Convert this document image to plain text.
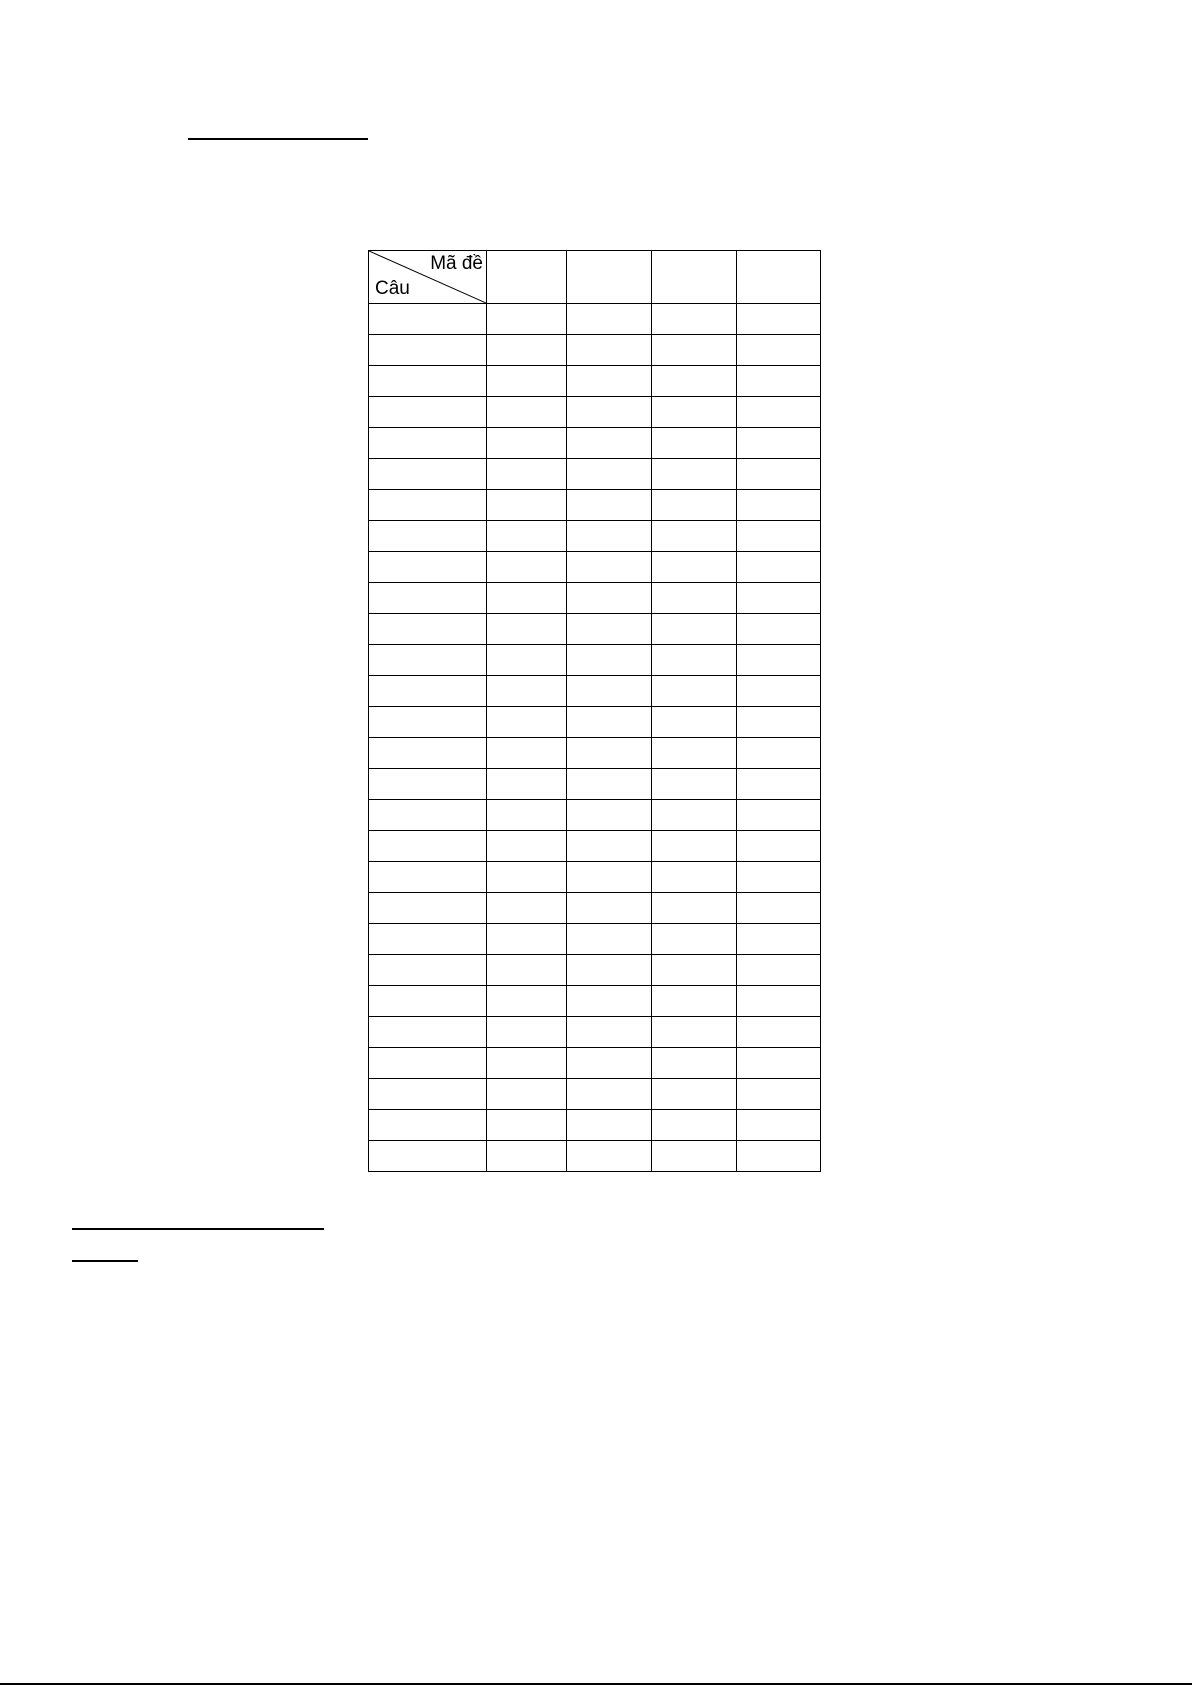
Mã đề
Câu				
